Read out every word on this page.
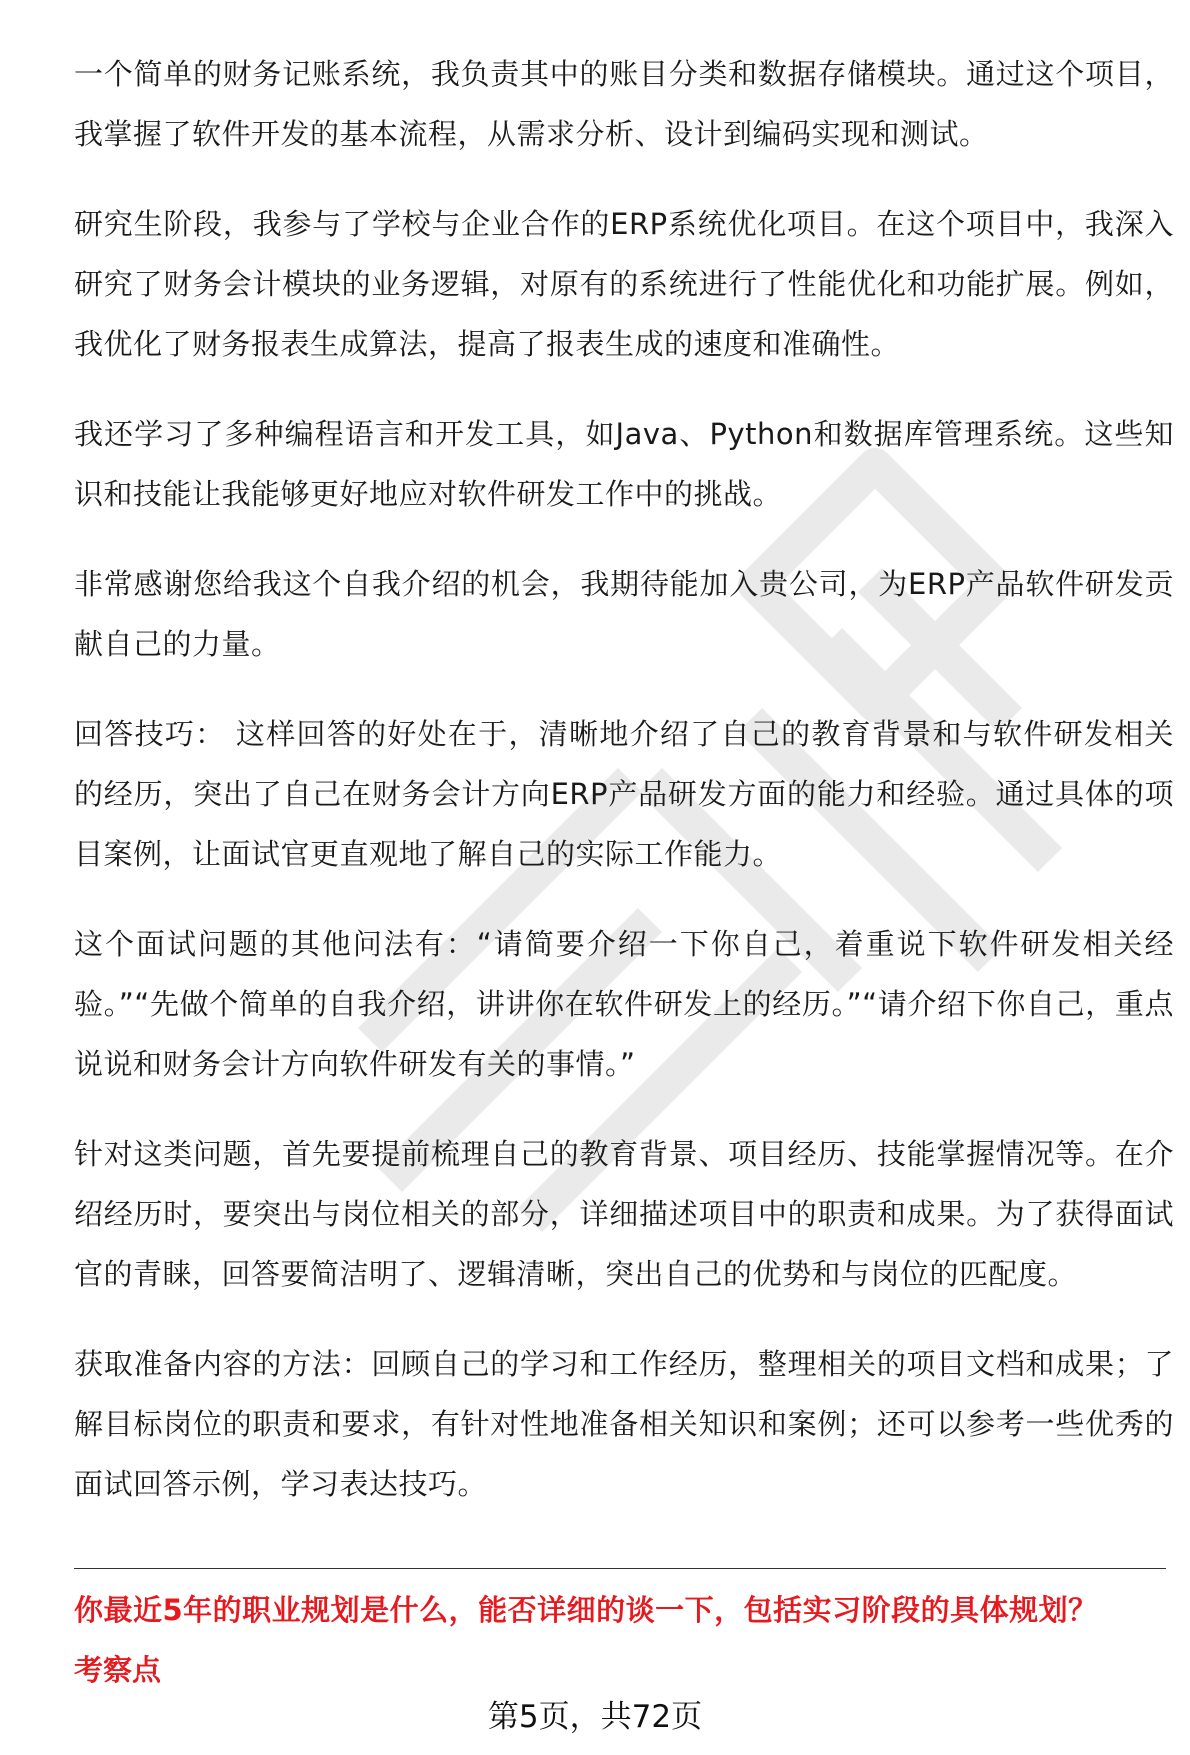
一个简单的财务记账系统，我负责其中的账目分类和数据存储模块。通过这个项目，我掌握了软件开发的基本流程，从需求分析、设计到编码实现和测试。

研究生阶段，我参与了学校与企业合作的ERP系统优化项目。在这个项目中，我深入研究了财务会计模块的业务逻辑，对原有的系统进行了性能优化和功能扩展。例如，我优化了财务报表生成算法，提高了报表生成的速度和准确性。

我还学习了多种编程语言和开发工具，如Java、Python和数据库管理系统。这些知识和技能让我能够更好地应对软件研发工作中的挑战。

非常感谢您给我这个自我介绍的机会，我期待能加入贵公司，为ERP产品软件研发贡献自己的力量。

回答技巧： 这样回答的好处在于，清晰地介绍了自己的教育背景和与软件研发相关的经历，突出了自己在财务会计方向ERP产品研发方面的能力和经验。通过具体的项目案例，让面试官更直观地了解自己的实际工作能力。

这个面试问题的其他问法有：“请简要介绍一下你自己，着重说下软件研发相关经验。”“先做个简单的自我介绍，讲讲你在软件研发上的经历。”“请介绍下你自己，重点说说和财务会计方向软件研发有关的事情。”

针对这类问题，首先要提前梳理自己的教育背景、项目经历、技能掌握情况等。在介绍经历时，要突出与岗位相关的部分，详细描述项目中的职责和成果。为了获得面试官的青睐，回答要简洁明了、逻辑清晰，突出自己的优势和与岗位的匹配度。

获取准备内容的方法：回顾自己的学习和工作经历，整理相关的项目文档和成果；了解目标岗位的职责和要求，有针对性地准备相关知识和案例；还可以参考一些优秀的面试回答示例，学习表达技巧。

你最近5年的职业规划是什么，能否详细的谈一下，包括实习阶段的具体规划？
考察点
第5页，共72页
